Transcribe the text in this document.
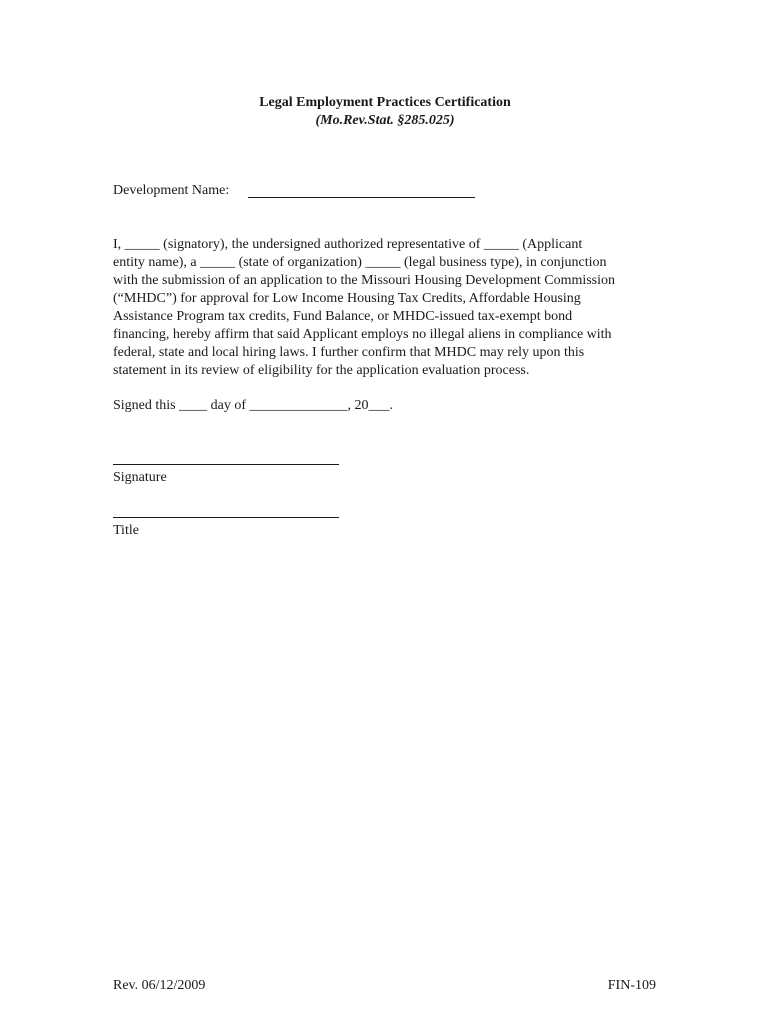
Legal Employment Practices Certification
(Mo.Rev.Stat. §285.025)
Development Name:
I, _____ (signatory), the undersigned authorized representative of _____ (Applicant
entity name), a _____ (state of organization) _____ (legal business type), in conjunction
with the submission of an application to the Missouri Housing Development Commission
(“MHDC”) for approval for Low Income Housing Tax Credits, Affordable Housing
Assistance Program tax credits, Fund Balance, or MHDC-issued tax-exempt bond
financing, hereby affirm that said Applicant employs no illegal aliens in compliance with
federal, state and local hiring laws. I further confirm that MHDC may rely upon this
statement in its review of eligibility for the application evaluation process.
Signed this ____ day of ______________, 20___.
Signature
Title
Rev. 06/12/2009	FIN-109
